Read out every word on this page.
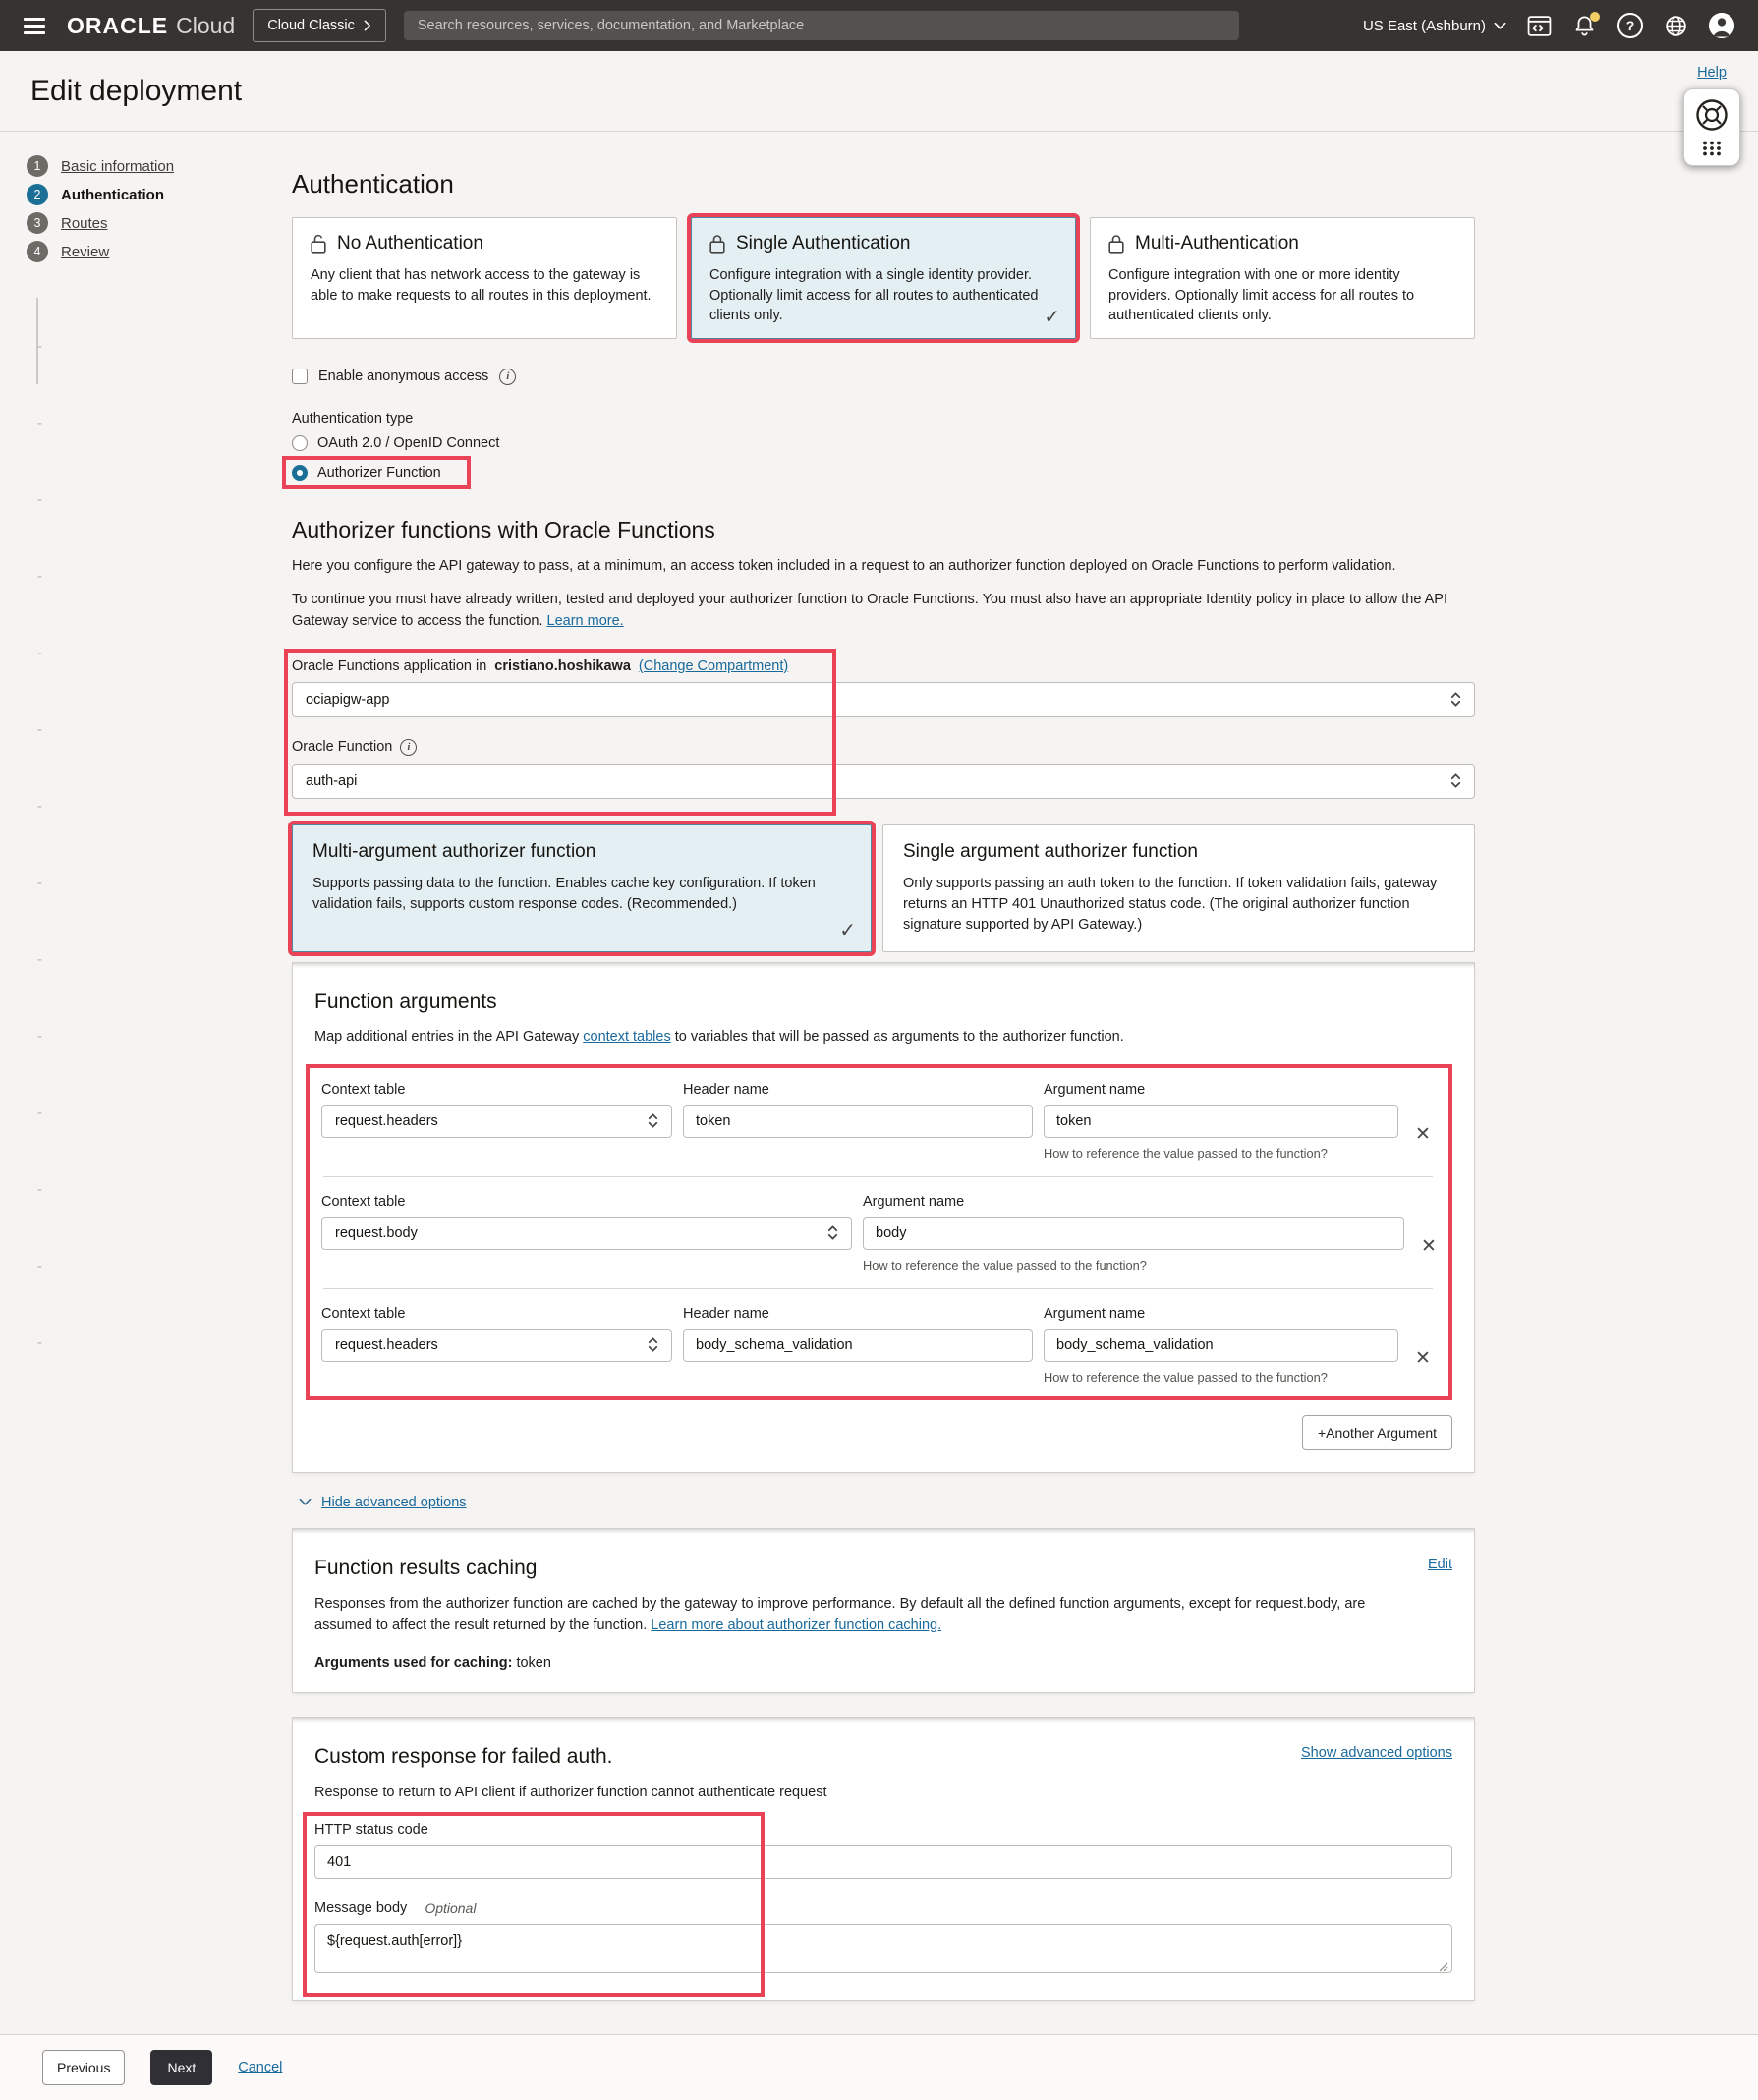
ORACLE Cloud Cloud Classic
Search resources, services, documentation, and Marketplace	US East (Ashburn)	?
Edit deployment
Help
1	Basic information
2	Authentication
3	Routes
4	Review
Authentication
No Authentication
Any client that has network access to the gateway is able to make requests to all routes in this deployment.
Single Authentication
Configure integration with a single identity provider. Optionally limit access for all routes to authenticated clients only.	✓
Multi-Authentication
Configure integration with one or more identity providers. Optionally limit access for all routes to authenticated clients only.
Enable anonymous access	i
Authentication type
OAuth 2.0 / OpenID Connect
Authorizer Function
Authorizer functions with Oracle Functions

Here you configure the API gateway to pass, at a minimum, an access token included in a request to an authorizer function deployed on Oracle Functions to perform validation.

To continue you must have already written, tested and deployed your authorizer function to Oracle Functions. You must also have an appropriate Identity policy in place to allow the API Gateway service to access the function. Learn more.

Oracle Functions application in cristiano.hoshikawa (Change Compartment)
ociapigw-app
Oracle Function	i
auth-api
Multi-argument authorizer function
Supports passing data to the function. Enables cache key configuration. If token validation fails, supports custom response codes. (Recommended.)
✓
Single argument authorizer function
Only supports passing an auth token to the function. If token validation fails, gateway returns an HTTP 401 Unauthorized status code. (The original authorizer function signature supported by API Gateway.)
Function arguments

Map additional entries in the API Gateway context tables to variables that will be passed as arguments to the authorizer function.

Context table
request.headers
Header name
token	Argument name
token
How to reference the value passed to the function?
✕
Context table
request.body
Argument name
body
How to reference the value passed to the function?
✕
Context table
request.headers
Header name
body_schema_validation	Argument name
body_schema_validation
How to reference the value passed to the function?
✕
+Another Argument
Hide advanced options
Function results caching	Edit

Responses from the authorizer function are cached by the gateway to improve performance. By default all the defined function arguments, except for request.body, are assumed to affect the result returned by the function. Learn more about authorizer function caching.

Arguments used for caching: token
Custom response for failed auth.	Show advanced options

Response to return to API client if authorizer function cannot authenticate request

HTTP status code
401
Message body Optional
${request.auth[error]}
Previous	Next	Cancel
-
-
-
-
-
-
-
-
-
-
-
-
-
-
